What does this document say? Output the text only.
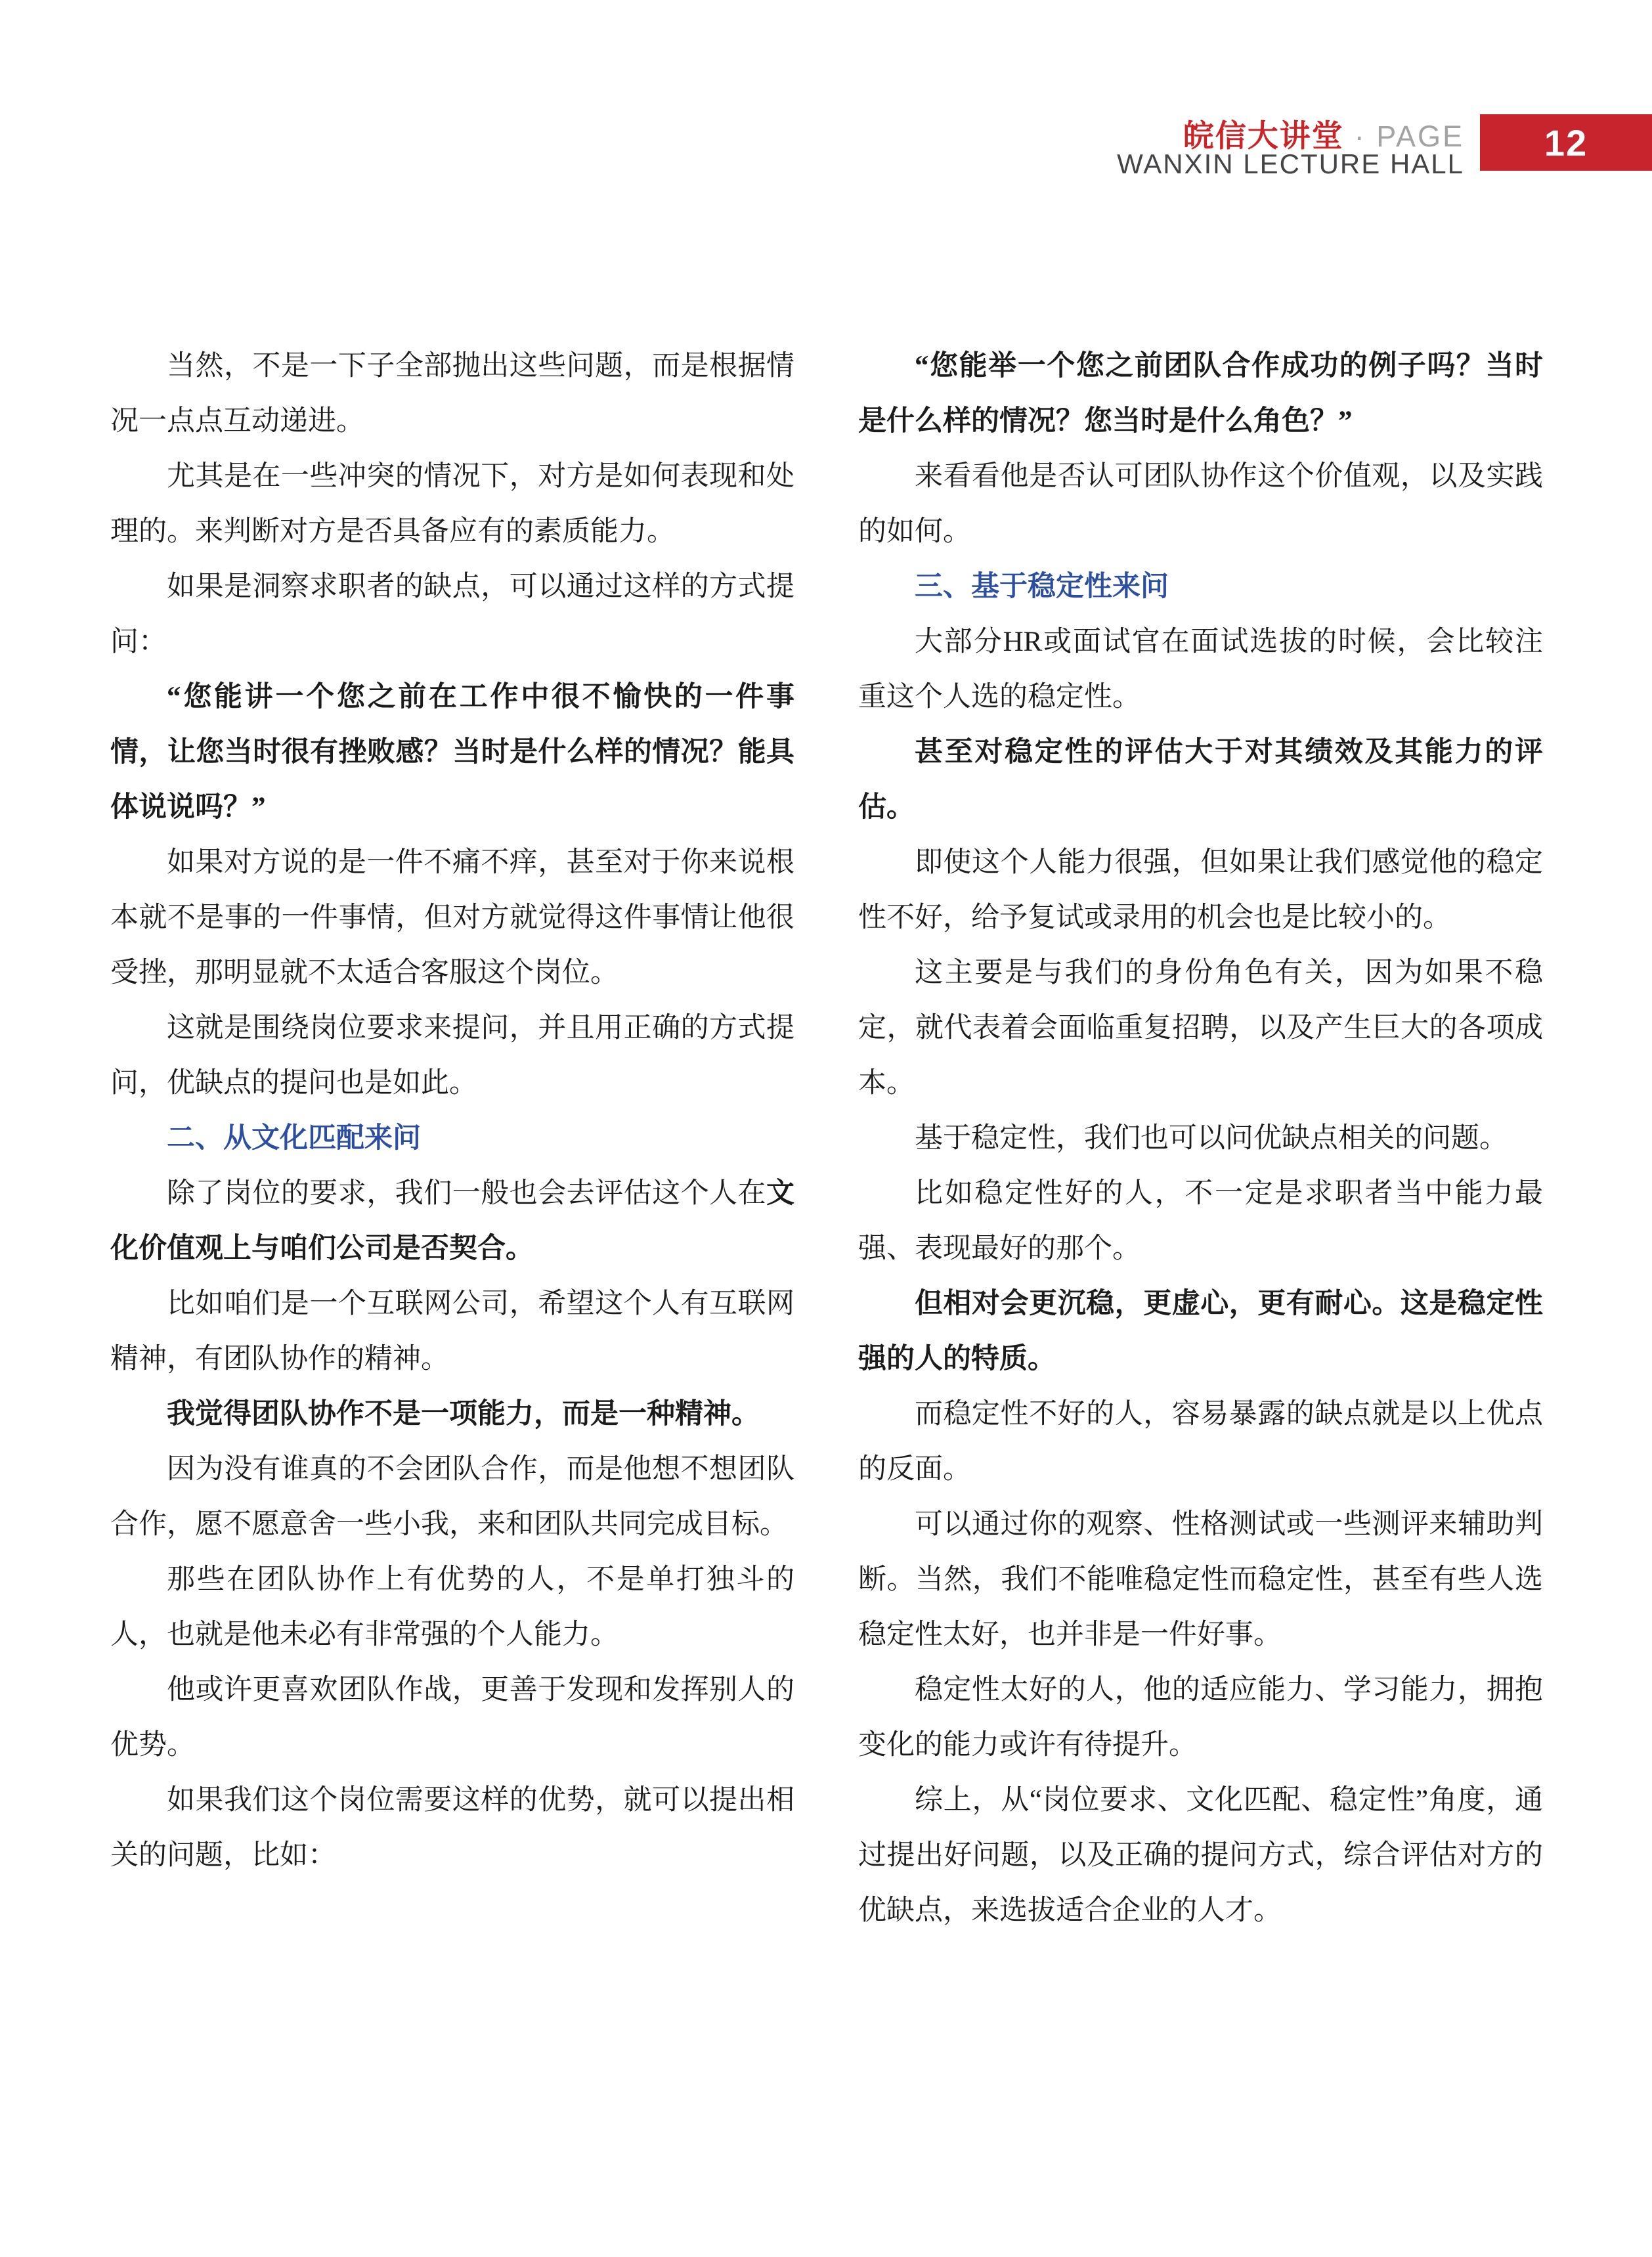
皖信大讲堂 · PAGE
WANXIN LECTURE HALL
12

当然，不是一下子全部抛出这些问题，而是根据情况一点点互动递进。

尤其是在一些冲突的情况下，对方是如何表现和处理的。来判断对方是否具备应有的素质能力。

如果是洞察求职者的缺点，可以通过这样的方式提问：

“您能讲一个您之前在工作中很不愉快的一件事情，让您当时很有挫败感？当时是什么样的情况？能具体说说吗？”

如果对方说的是一件不痛不痒，甚至对于你来说根本就不是事的一件事情，但对方就觉得这件事情让他很受挫，那明显就不太适合客服这个岗位。

这就是围绕岗位要求来提问，并且用正确的方式提问，优缺点的提问也是如此。

二、从文化匹配来问

除了岗位的要求，我们一般也会去评估这个人在文化价值观上与咱们公司是否契合。

比如咱们是一个互联网公司，希望这个人有互联网精神，有团队协作的精神。

我觉得团队协作不是一项能力，而是一种精神。

因为没有谁真的不会团队合作，而是他想不想团队合作，愿不愿意舍一些小我，来和团队共同完成目标。

那些在团队协作上有优势的人，不是单打独斗的人，也就是他未必有非常强的个人能力。

他或许更喜欢团队作战，更善于发现和发挥别人的优势。

如果我们这个岗位需要这样的优势，就可以提出相关的问题，比如：

“您能举一个您之前团队合作成功的例子吗？当时是什么样的情况？您当时是什么角色？”

来看看他是否认可团队协作这个价值观，以及实践的如何。

三、基于稳定性来问

大部分HR或面试官在面试选拔的时候，会比较注重这个人选的稳定性。

甚至对稳定性的评估大于对其绩效及其能力的评估。

即使这个人能力很强，但如果让我们感觉他的稳定性不好，给予复试或录用的机会也是比较小的。

这主要是与我们的身份角色有关，因为如果不稳定，就代表着会面临重复招聘，以及产生巨大的各项成本。

基于稳定性，我们也可以问优缺点相关的问题。

比如稳定性好的人，不一定是求职者当中能力最强、表现最好的那个。

但相对会更沉稳，更虚心，更有耐心。这是稳定性强的人的特质。

而稳定性不好的人，容易暴露的缺点就是以上优点的反面。

可以通过你的观察、性格测试或一些测评来辅助判断。当然，我们不能唯稳定性而稳定性，甚至有些人选稳定性太好，也并非是一件好事。

稳定性太好的人，他的适应能力、学习能力，拥抱变化的能力或许有待提升。

综上，从“岗位要求、文化匹配、稳定性”角度，通过提出好问题，以及正确的提问方式，综合评估对方的优缺点，来选拔适合企业的人才。
